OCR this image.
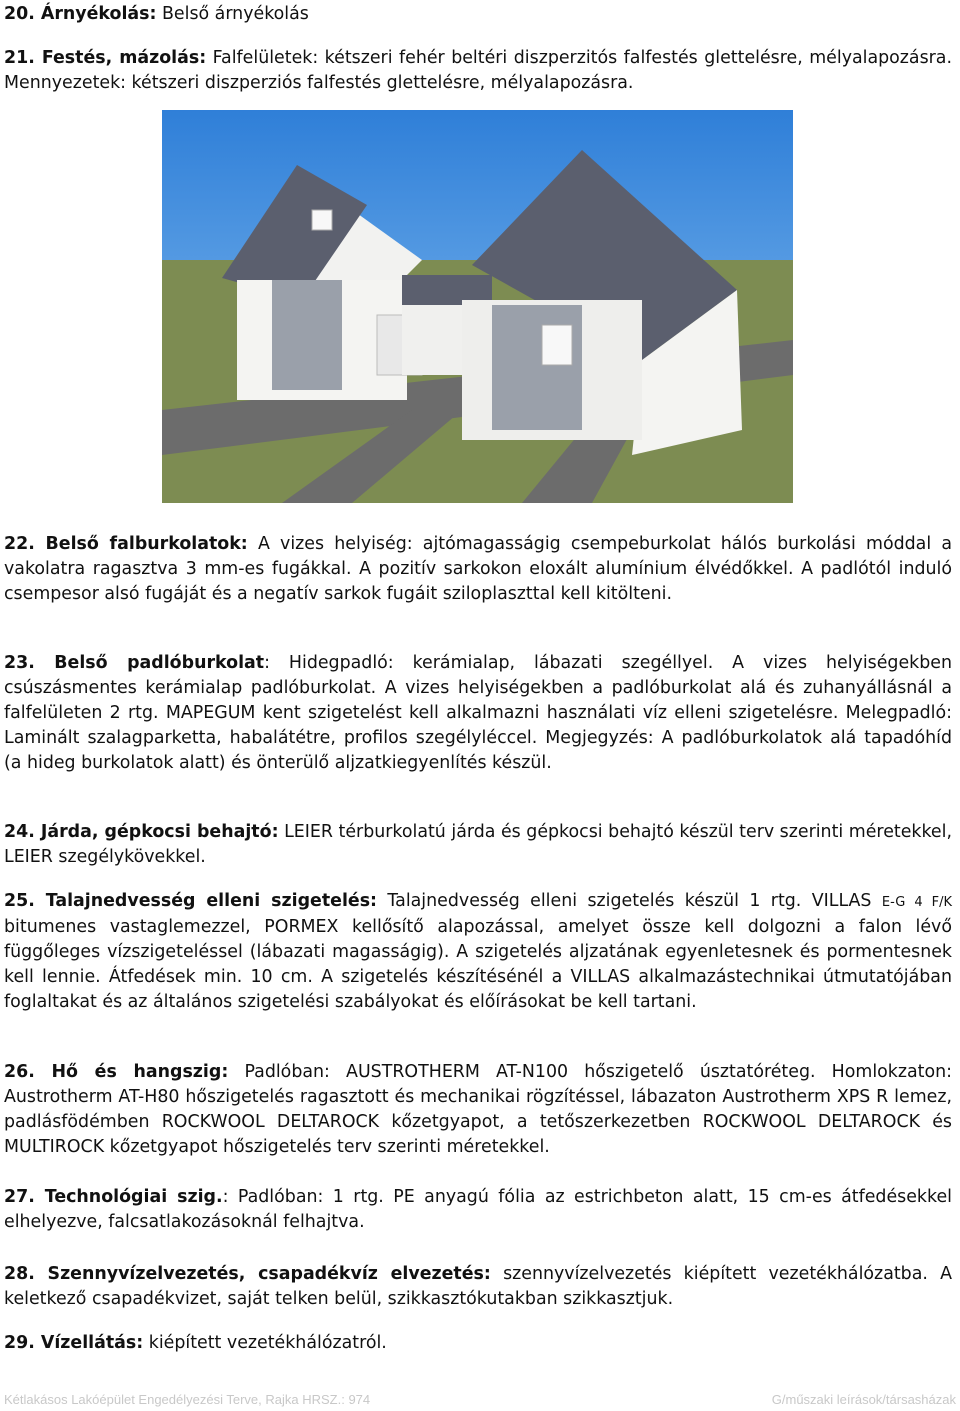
20. Árnyékolás: Belső árnyékolás

21. Festés, mázolás: Falfelületek: kétszeri fehér beltéri diszperzitós falfestés glettelésre, mélyalapozásra. Mennyezetek: kétszeri diszperziós falfestés glettelésre, mélyalapozásra.

22. Belső falburkolatok: A vizes helyiség: ajtómagasságig csempeburkolat hálós burkolási móddal a vakolatra ragasztva 3 mm-es fugákkal. A pozitív sarkokon eloxált alumínium élvédőkkel. A padlótól induló csempesor alsó fugáját és a negatív sarkok fugáit sziloplaszttal kell kitölteni.

23. Belső padlóburkolat: Hidegpadló: kerámialap, lábazati szegéllyel. A vizes helyiségekben csúszásmentes kerámialap padlóburkolat. A vizes helyiségekben a padlóburkolat alá és zuhanyállásnál a falfelületen 2 rtg. MAPEGUM kent szigetelést kell alkalmazni használati víz elleni szigetelésre. Melegpadló: Laminált szalagparketta, habalátétre, profilos szegélyléccel. Megjegyzés: A padlóburkolatok alá tapadóhíd (a hideg burkolatok alatt) és önterülő aljzatkiegyenlítés készül.

24. Járda, gépkocsi behajtó: LEIER térburkolatú járda és gépkocsi behajtó készül terv szerinti méretekkel, LEIER szegélykövekkel.

25. Talajnedvesség elleni szigetelés: Talajnedvesség elleni szigetelés készül 1 rtg. VILLAS E-G 4 F/K bitumenes vastaglemezzel, PORMEX kellősítő alapozással, amelyet össze kell dolgozni a falon lévő függőleges vízszigeteléssel (lábazati magasságig). A szigetelés aljzatának egyenletesnek és pormentesnek kell lennie. Átfedések min. 10 cm. A szigetelés készítésénél a VILLAS alkalmazástechnikai útmutatójában foglaltakat és az általános szigetelési szabályokat és előírásokat be kell tartani.

26. Hő és hangszig: Padlóban: AUSTROTHERM AT-N100 hőszigetelő úsztatóréteg. Homlokzaton: Austrotherm AT-H80 hőszigetelés ragasztott és mechanikai rögzítéssel, lábazaton Austrotherm XPS R lemez, padlásfödémben ROCKWOOL DELTAROCK kőzetgyapot, a tetőszerkezetben ROCKWOOL DELTAROCK és MULTIROCK kőzetgyapot hőszigetelés terv szerinti méretekkel.

27. Technológiai szig.: Padlóban: 1 rtg. PE anyagú fólia az estrichbeton alatt, 15 cm-es átfedésekkel elhelyezve, falcsatlakozásoknál felhajtva.

28. Szennyvízelvezetés, csapadékvíz elvezetés: szennyvízelvezetés kiépített vezetékhálózatba. A keletkező csapadékvizet, saját telken belül, szikkasztókutakban szikkasztjuk.

29. Vízellátás: kiépített vezetékhálózatról.

Kétlakásos Lakóépület Engedélyezési Terve, Rajka HRSZ.: 974	G/műszaki leírások/társasházak
